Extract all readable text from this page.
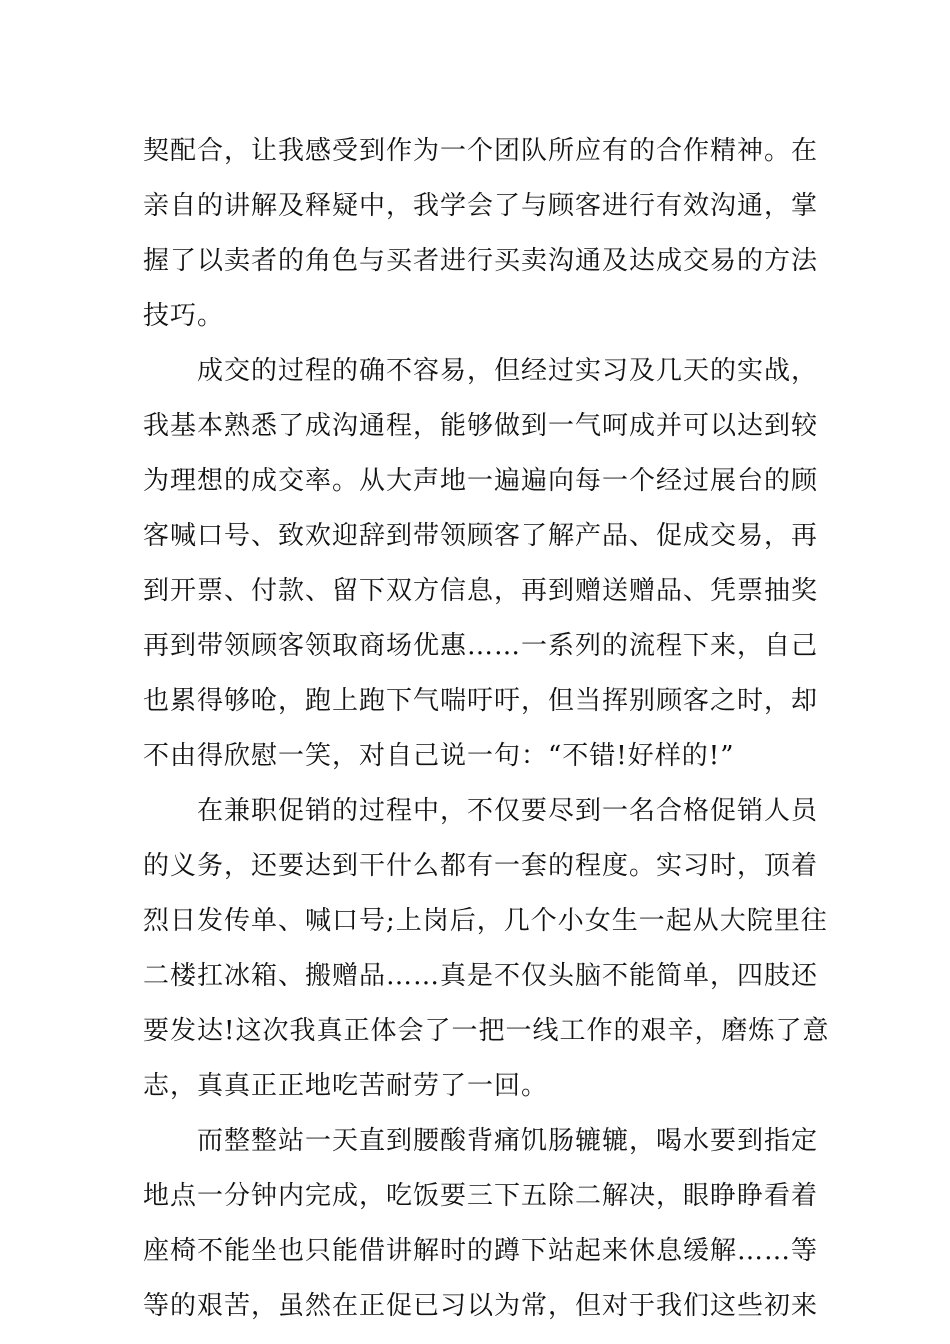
契配合，让我感受到作为一个团队所应有的合作精神。在
亲自的讲解及释疑中，我学会了与顾客进行有效沟通，掌
握了以卖者的角色与买者进行买卖沟通及达成交易的方法
技巧。
成交的过程的确不容易，但经过实习及几天的实战，
我基本熟悉了成沟通程，能够做到一气呵成并可以达到较
为理想的成交率。从大声地一遍遍向每一个经过展台的顾
客喊口号、致欢迎辞到带领顾客了解产品、促成交易，再
到开票、付款、留下双方信息，再到赠送赠品、凭票抽奖
再到带领顾客领取商场优惠……一系列的流程下来，自己
也累得够呛，跑上跑下气喘吁吁，但当挥别顾客之时，却
不由得欣慰一笑，对自己说一句：“不错!好样的!”
在兼职促销的过程中，不仅要尽到一名合格促销人员
的义务，还要达到干什么都有一套的程度。实习时，顶着
烈日发传单、喊口号;上岗后，几个小女生一起从大院里往
二楼扛冰箱、搬赠品……真是不仅头脑不能简单，四肢还
要发达!这次我真正体会了一把一线工作的艰辛，磨炼了意
志，真真正正地吃苦耐劳了一回。
而整整站一天直到腰酸背痛饥肠辘辘，喝水要到指定
地点一分钟内完成，吃饭要三下五除二解决，眼睁睁看着
座椅不能坐也只能借讲解时的蹲下站起来休息缓解……等
等的艰苦，虽然在正促已习以为常，但对于我们这些初来
